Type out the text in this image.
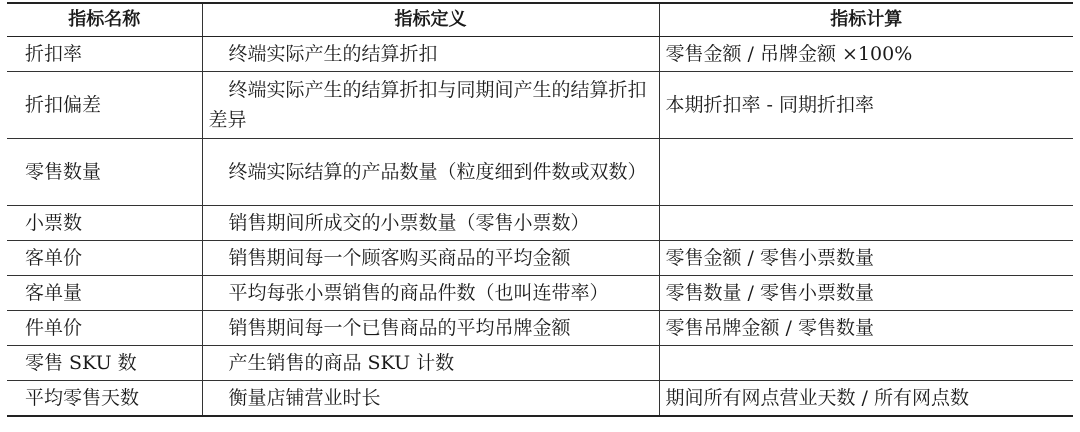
指标名称	指标定义	指标计算
折扣率	终端实际产生的结算折扣	零售金额 / 吊牌金额 ×100%
折扣偏差	终端实际产生的结算折扣与同期间产生的结算折扣差异	本期折扣率 - 同期折扣率
零售数量	终端实际结算的产品数量（粒度细到件数或双数）	
小票数	销售期间所成交的小票数量（零售小票数）	
客单价	销售期间每一个顾客购买商品的平均金额	零售金额 / 零售小票数量
客单量	平均每张小票销售的商品件数（也叫连带率）	零售数量 / 零售小票数量
件单价	销售期间每一个已售商品的平均吊牌金额	零售吊牌金额 / 零售数量
零售 SKU 数	产生销售的商品 SKU 计数	
平均零售天数	衡量店铺营业时长	期间所有网点营业天数 / 所有网点数
